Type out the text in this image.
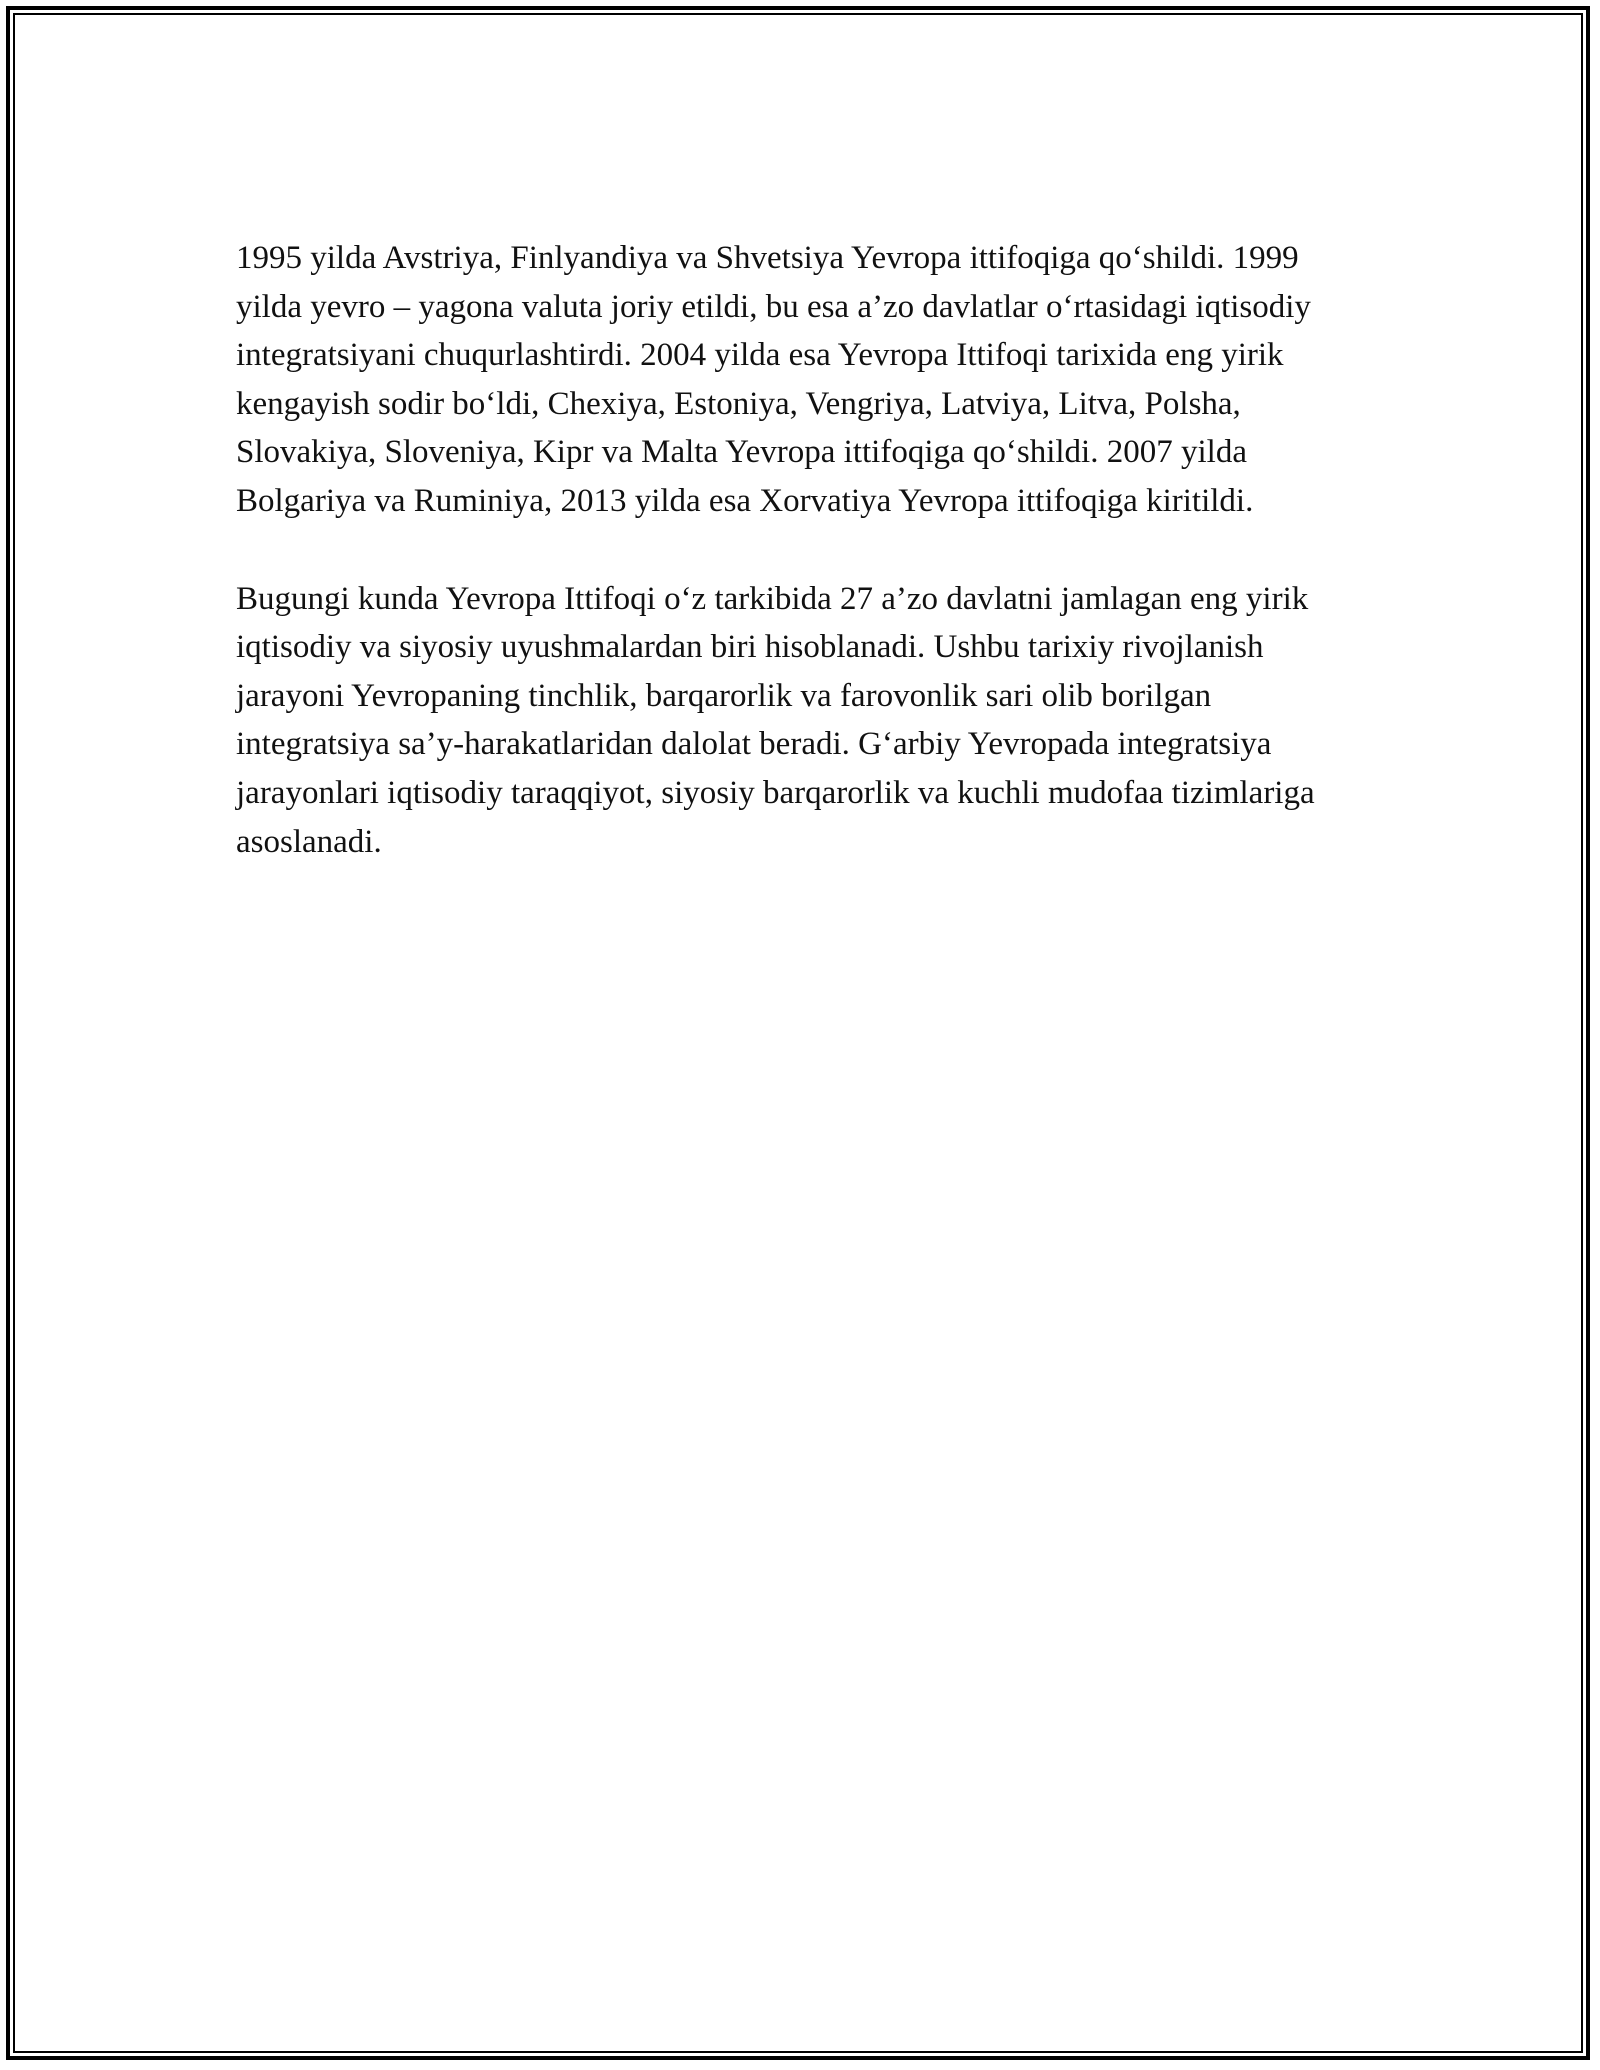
1995 yilda Avstriya, Finlyandiya va Shvetsiya Yevropa ittifoqiga qo‘shildi. 1999 yilda yevro – yagona valuta joriy etildi, bu esa a’zo davlatlar o‘rtasidagi iqtisodiy integratsiyani chuqurlashtirdi. 2004 yilda esa Yevropa Ittifoqi tarixida eng yirik kengayish sodir bo‘ldi, Chexiya, Estoniya, Vengriya, Latviya, Litva, Polsha, Slovakiya, Sloveniya, Kipr va Malta Yevropa ittifoqiga qo‘shildi. 2007 yilda Bolgariya va Ruminiya, 2013 yilda esa Xorvatiya Yevropa ittifoqiga kiritildi.

Bugungi kunda Yevropa Ittifoqi o‘z tarkibida 27 a’zo davlatni jamlagan eng yirik iqtisodiy va siyosiy uyushmalardan biri hisoblanadi. Ushbu tarixiy rivojlanish jarayoni Yevropaning tinchlik, barqarorlik va farovonlik sari olib borilgan integratsiya sa’y-harakatlaridan dalolat beradi. G‘arbiy Yevropada integratsiya jarayonlari iqtisodiy taraqqiyot, siyosiy barqarorlik va kuchli mudofaa tizimlariga asoslanadi.
